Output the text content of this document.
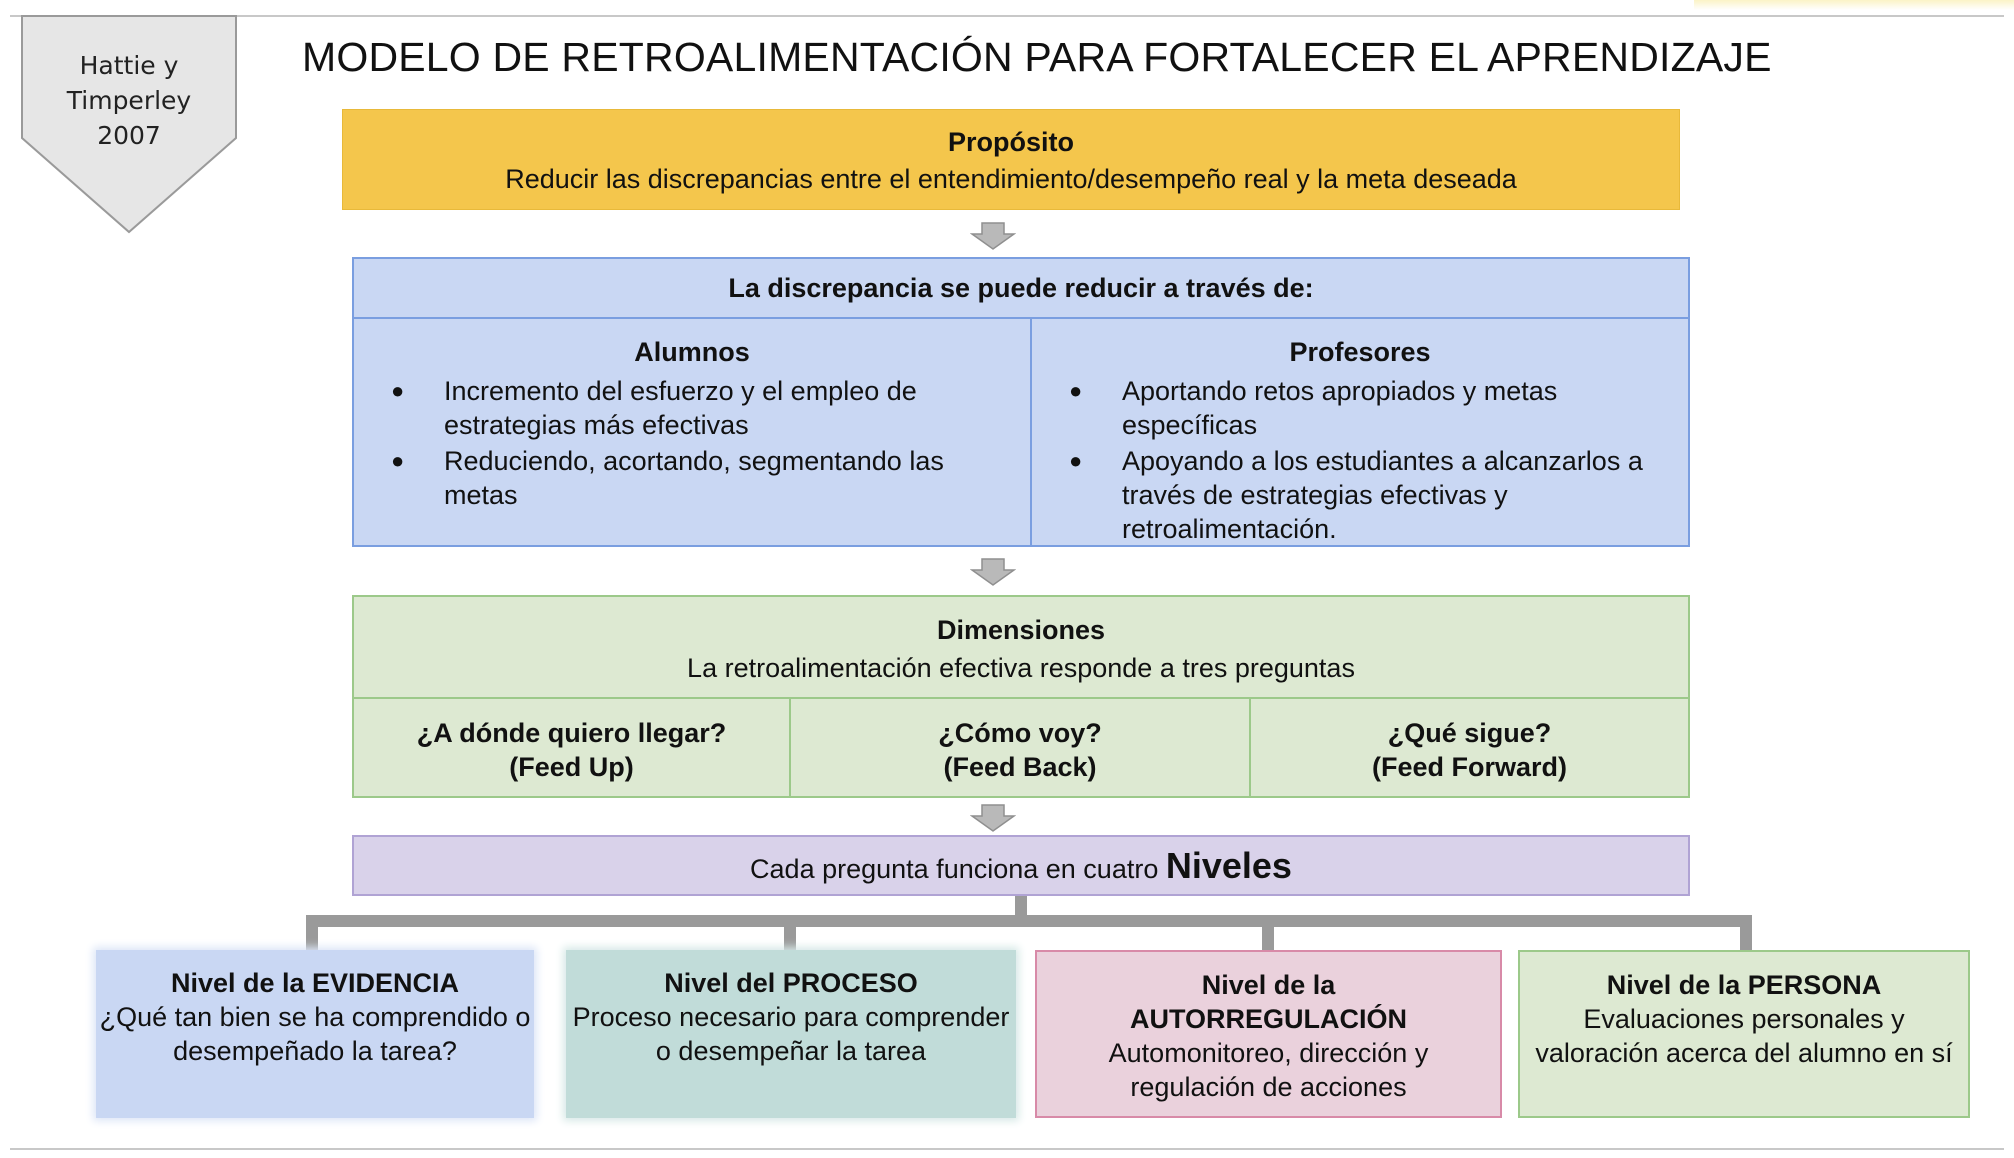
Hattie y
Timperley
2007
MODELO DE RETROALIMENTACIÓN PARA FORTALECER EL APRENDIZAJE
Propósito
Reducir las discrepancias entre el entendimiento/desempeño real y la meta deseada
La discrepancia se puede reducir a través de:
Alumnos
● Incremento del esfuerzo y el empleo de estrategias más efectivas
● Reduciendo, acortando, segmentando las metas
Profesores
● Aportando retos apropiados y metas específicas
● Apoyando a los estudiantes a alcanzarlos a través de estrategias efectivas y retroalimentación.
Dimensiones
La retroalimentación efectiva responde a tres preguntas
¿A dónde quiero llegar?
(Feed Up)
¿Cómo voy?
(Feed Back)
¿Qué sigue?
(Feed Forward)
Cada pregunta funciona en cuatro Niveles
Nivel de la EVIDENCIA
¿Qué tan bien se ha comprendido o desempeñado la tarea?
Nivel del PROCESO
Proceso necesario para comprender o desempeñar la tarea
Nivel de la AUTORREGULACIÓN
Automonitoreo, dirección y regulación de acciones
Nivel de la PERSONA
Evaluaciones personales y valoración acerca del alumno en sí
